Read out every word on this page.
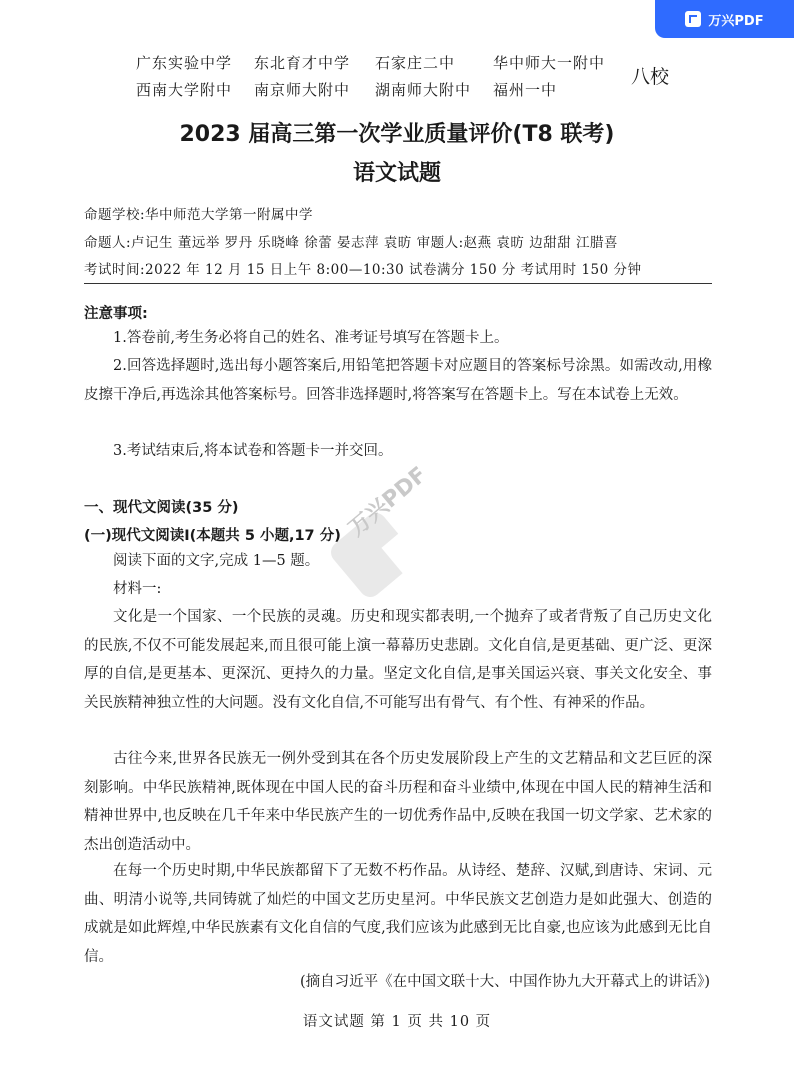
万兴PDF
广东实验中学 东北育才中学 石家庄二中	华中师大一附中
西南大学附中 南京师大附中 湖南师大附中 福州一中
八校
2023 届高三第一次学业质量评价(T8 联考)
语文试题
命题学校:华中师范大学第一附属中学
命题人:卢记生 董远举 罗丹 乐晓峰 徐蕾 晏志萍 袁昉 审题人:赵燕 袁昉 边甜甜 江腊喜
考试时间:2022 年 12 月 15 日上午 8:00—10:30 试卷满分 150 分 考试用时 150 分钟
注意事项:
1.答卷前,考生务必将自己的姓名、准考证号填写在答题卡上。
2.回答选择题时,选出每小题答案后,用铅笔把答题卡对应题目的答案标号涂黑。如需改动,用橡皮擦干净后,再选涂其他答案标号。回答非选择题时,将答案写在答题卡上。写在本试卷上无效。
3.考试结束后,将本试卷和答题卡一并交回。
一、现代文阅读(35 分)
(一)现代文阅读Ⅰ(本题共 5 小题,17 分)
阅读下面的文字,完成 1—5 题。
材料一:
文化是一个国家、一个民族的灵魂。历史和现实都表明,一个抛弃了或者背叛了自己历史文化的民族,不仅不可能发展起来,而且很可能上演一幕幕历史悲剧。文化自信,是更基础、更广泛、更深厚的自信,是更基本、更深沉、更持久的力量。坚定文化自信,是事关国运兴衰、事关文化安全、事关民族精神独立性的大问题。没有文化自信,不可能写出有骨气、有个性、有神采的作品。
古往今来,世界各民族无一例外受到其在各个历史发展阶段上产生的文艺精品和文艺巨匠的深刻影响。中华民族精神,既体现在中国人民的奋斗历程和奋斗业绩中,体现在中国人民的精神生活和精神世界中,也反映在几千年来中华民族产生的一切优秀作品中,反映在我国一切文学家、艺术家的杰出创造活动中。
在每一个历史时期,中华民族都留下了无数不朽作品。从诗经、楚辞、汉赋,到唐诗、宋词、元曲、明清小说等,共同铸就了灿烂的中国文艺历史星河。中华民族文艺创造力是如此强大、创造的成就是如此辉煌,中华民族素有文化自信的气度,我们应该为此感到无比自豪,也应该为此感到无比自信。
(摘自习近平《在中国文联十大、中国作协九大开幕式上的讲话》)
语文试题 第 1 页 共 10 页
万兴PDF
